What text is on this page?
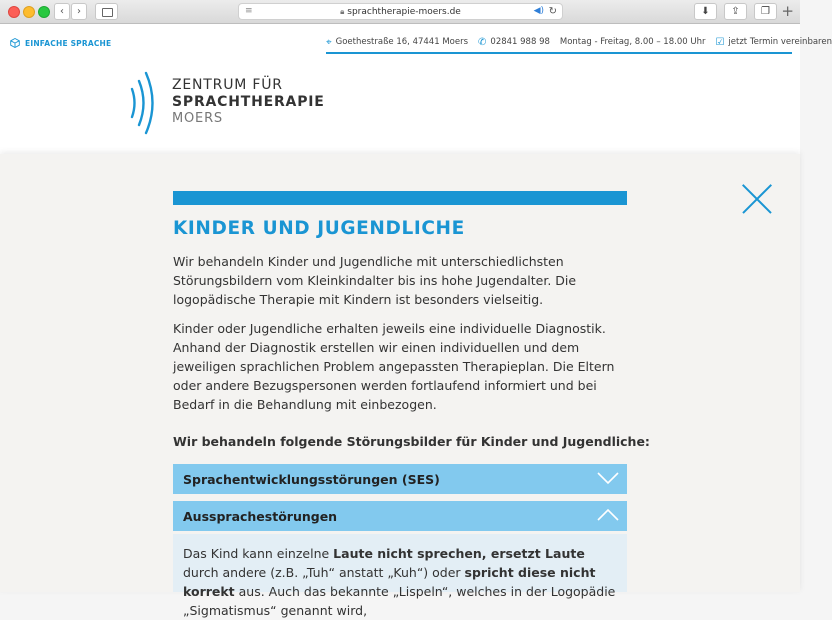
‹	›	≡	🔒︎ sprachtherapie-moers.de	◀︎) ↻	⬇	⇪	❐ +
EINFACHE SPRACHE	⌖ Goethestraße 16, 47441 Moers ✆ 02841 988 98 Montag - Freitag, 8.00 – 18.00 Uhr ☑ jetzt Termin vereinbaren
ZENTRUM FÜR
SPRACHTHERAPIE
MOERS
KINDER UND JUGENDLICHE

Wir behandeln Kinder und Jugendliche mit unterschiedlichsten Störungsbildern vom Kleinkindalter bis ins hohe Jugendalter. Die logopädische Therapie mit Kindern ist besonders vielseitig.

Kinder oder Jugendliche erhalten jeweils eine individuelle Diagnostik. Anhand der Diagnostik erstellen wir einen individuellen und dem jeweiligen sprachlichen Problem angepassten Therapieplan. Die Eltern oder andere Bezugspersonen werden fortlaufend informiert und bei Bedarf in die Behandlung mit einbezogen.

Wir behandeln folgende Störungsbilder für Kinder und Jugendliche:
Sprachentwicklungsstörungen (SES)
Aussprachestörungen
Das Kind kann einzelne Laute nicht sprechen, ersetzt Laute durch andere (z.B. „Tuh“ anstatt „Kuh“) oder spricht diese nicht korrekt aus. Auch das bekannte „Lispeln“, welches in der Logopädie „Sigmatismus“ genannt wird,
